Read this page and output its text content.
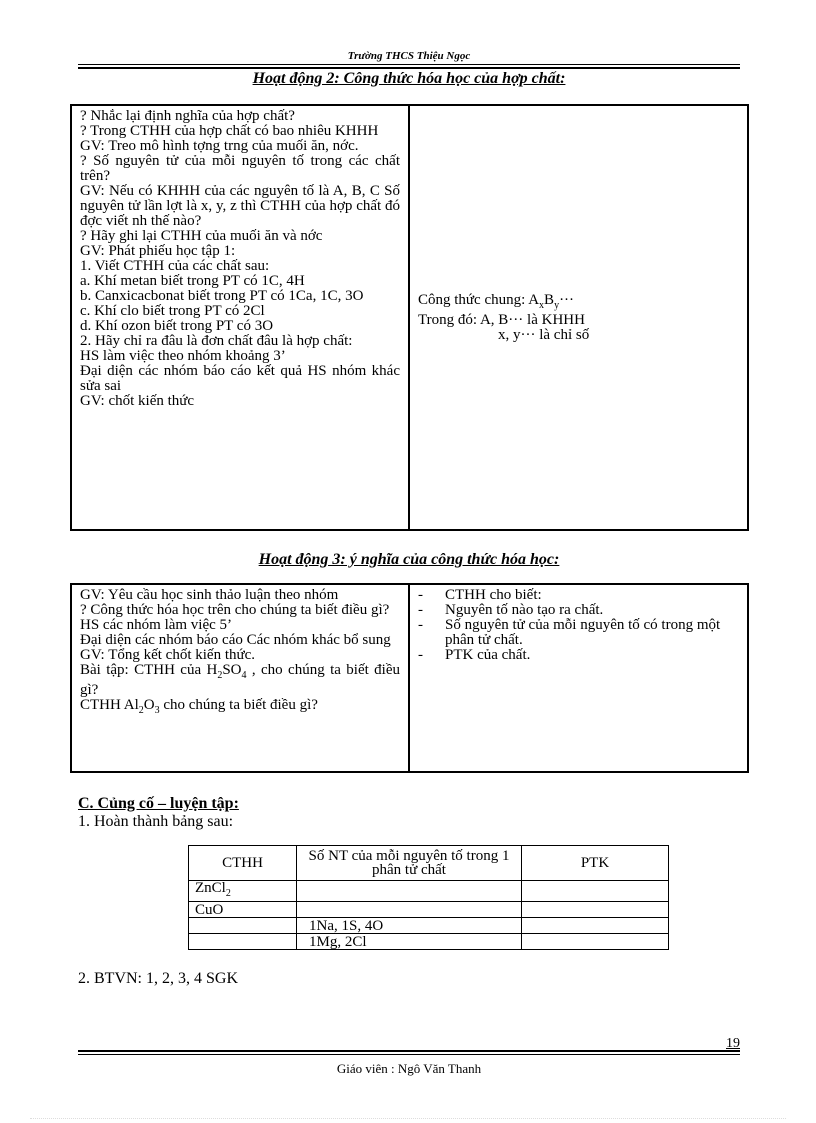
Trường THCS Thiệu Ngọc
Hoạt động 2: Công thức hóa học của hợp chất:

? Nhắc lại định nghĩa của hợp chất?

? Trong CTHH của hợp chất có bao nhiêu KHHH

GV: Treo mô hình tợng trng của muối ăn, nớc.

? Số nguyên tử của mỗi nguyên tố trong các chất trên?

GV: Nếu có KHHH của các nguyên tố là A, B, C Số nguyên tử lần lợt là x, y, z thì CTHH của hợp chất đó đợc viết nh thế nào?

? Hãy ghi lại CTHH của muối ăn và nớc

GV: Phát phiếu học tập 1:

1. Viết CTHH của các chất sau:

a. Khí metan biết trong PT có 1C, 4H

b. Canxicacbonat biết trong PT có 1Ca, 1C, 3O

c. Khí clo biết trong PT có 2Cl

d. Khí ozon biết trong PT có 3O

2. Hãy chỉ ra đâu là đơn chất đâu là hợp chất:

HS làm việc theo nhóm khoảng 3’

Đại diện các nhóm báo cáo kết quả HS nhóm khác sửa sai

GV: chốt kiến thức

Công thức chung: $A_xB_y\cdot\cdot\cdot$
Trong đó: A, B··· là KHHH
x, y··· là chỉ số
Hoạt động 3: ý nghĩa của công thức hóa học:

GV: Yêu cầu học sinh thảo luận theo nhóm

? Công thức hóa học trên cho chúng ta biết điều gì?

HS các nhóm làm việc 5’

Đại diện các nhóm báo cáo Các nhóm khác bổ sung

GV: Tổng kết chốt kiến thức.

Bài tập: CTHH của $H_2SO_4$ , cho chúng ta biết điều gì?

CTHH $Al_2O_3$ cho chúng ta biết điều gì?

-	CTHH cho biết:
-	Nguyên tố nào tạo ra chất.
-	Số nguyên tử của mỗi nguyên tố có trong một phân tử chất.
-	PTK của chất.
C. Củng cố – luyện tập:
1. Hoàn thành bảng sau:
CTHH	Số NT của mỗi nguyên tố trong 1 phân tử chất	PTK
ZnCl$_2$		
CuO		
	1Na, 1S, 4O	
	1Mg, 2Cl	
2. BTVN: 1, 2, 3, 4 SGK
19
Giáo viên : Ngô Văn Thanh
